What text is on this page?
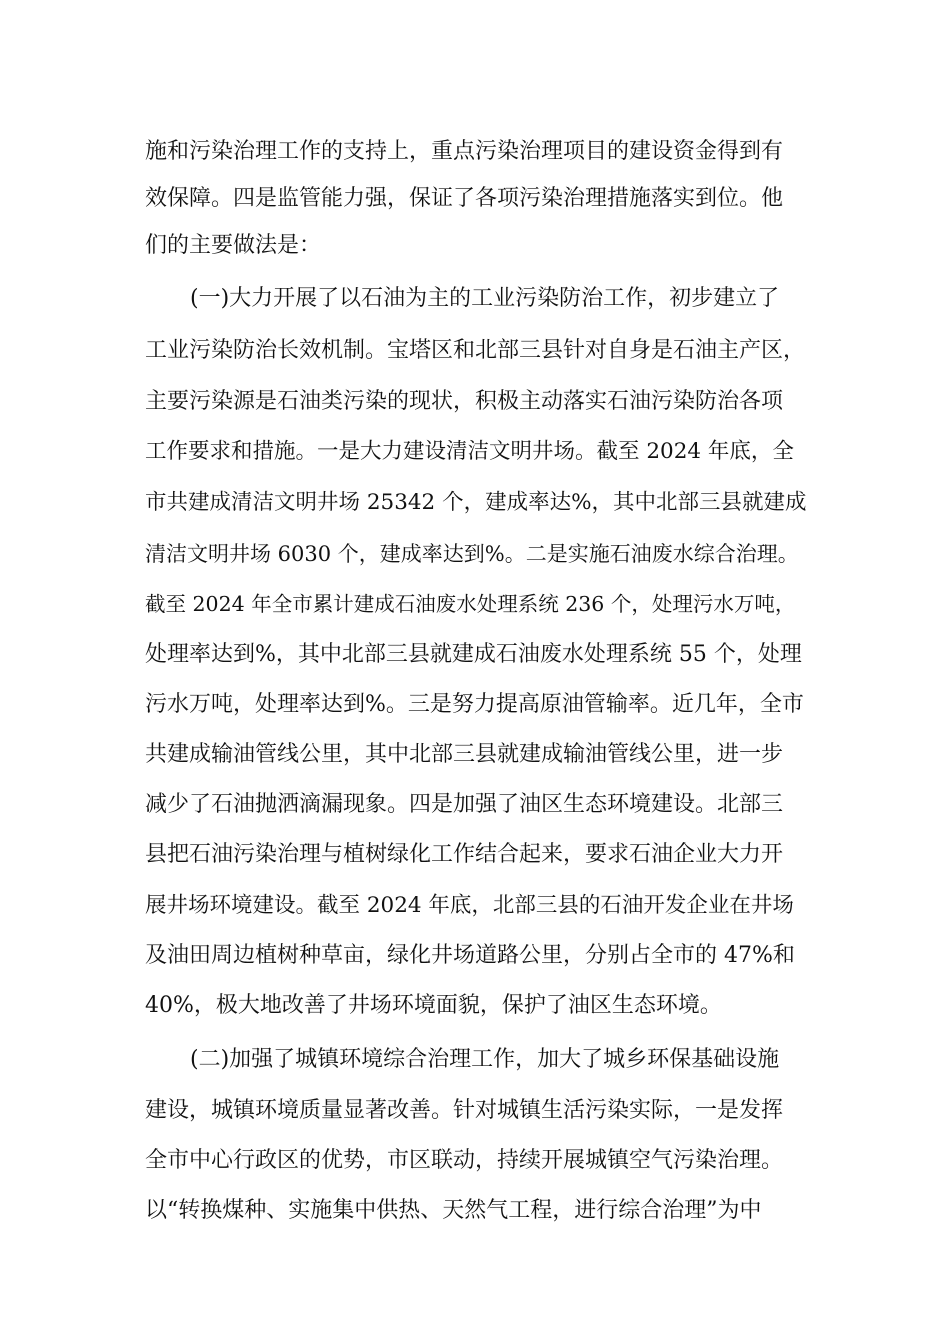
施和污染治理工作的支持上，重点污染治理项目的建设资金得到有
效保障。四是监管能力强，保证了各项污染治理措施落实到位。他
们的主要做法是：
(一)大力开展了以石油为主的工业污染防治工作，初步建立了
工业污染防治长效机制。宝塔区和北部三县针对自身是石油主产区，
主要污染源是石油类污染的现状，积极主动落实石油污染防治各项
工作要求和措施。一是大力建设清洁文明井场。截至 2024 年底，全
市共建成清洁文明井场 25342 个，建成率达%，其中北部三县就建成
清洁文明井场 6030 个，建成率达到%。二是实施石油废水综合治理。
截至 2024 年全市累计建成石油废水处理系统 236 个，处理污水万吨，
处理率达到%，其中北部三县就建成石油废水处理系统 55 个，处理
污水万吨，处理率达到%。三是努力提高原油管输率。近几年，全市
共建成输油管线公里，其中北部三县就建成输油管线公里，进一步
减少了石油抛洒滴漏现象。四是加强了油区生态环境建设。北部三
县把石油污染治理与植树绿化工作结合起来，要求石油企业大力开
展井场环境建设。截至 2024 年底，北部三县的石油开发企业在井场
及油田周边植树种草亩，绿化井场道路公里，分别占全市的 47%和
40%，极大地改善了井场环境面貌，保护了油区生态环境。
(二)加强了城镇环境综合治理工作，加大了城乡环保基础设施
建设，城镇环境质量显著改善。针对城镇生活污染实际，一是发挥
全市中心行政区的优势，市区联动，持续开展城镇空气污染治理。
以“转换煤种、实施集中供热、天然气工程，进行综合治理”为中
